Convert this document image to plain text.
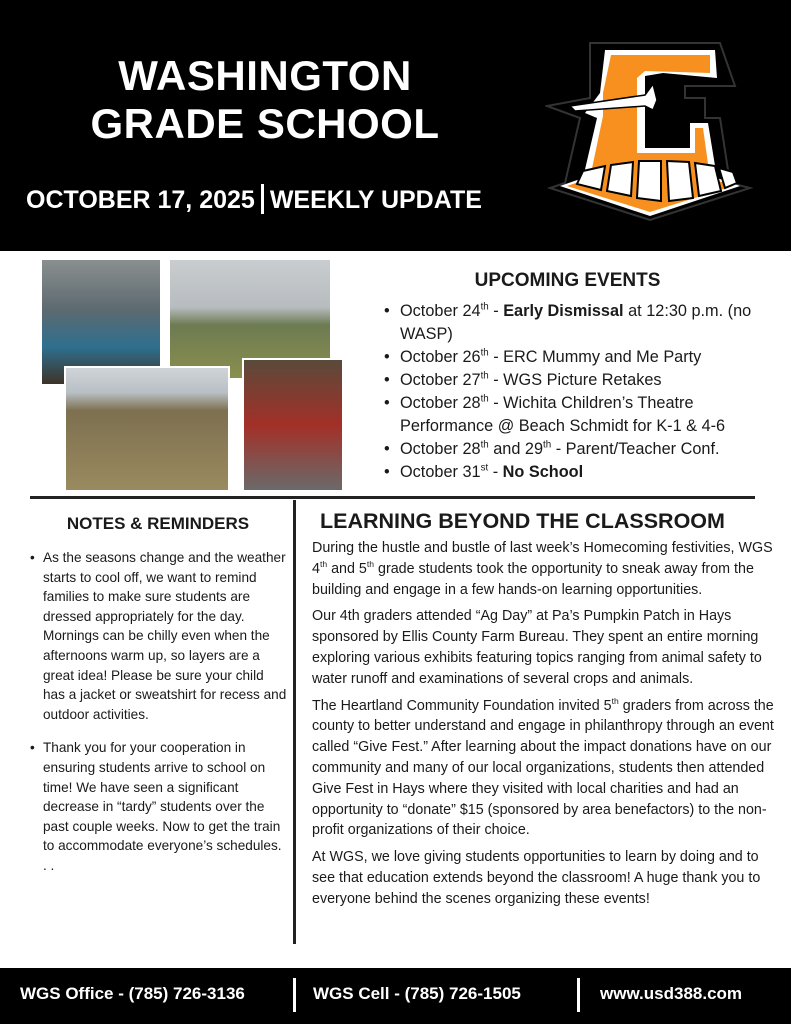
WASHINGTON
GRADE SCHOOL
OCTOBER 17, 2025 WEEKLY UPDATE
UPCOMING EVENTS
• October 24th - Early Dismissal at 12:30 p.m. (no WASP)
• October 26th - ERC Mummy and Me Party
• October 27th - WGS Picture Retakes
• October 28th - Wichita Children’s Theatre Performance @ Beach Schmidt for K-1 & 4-6
• October 28th and 29th - Parent/Teacher Conf.
• October 31st - No School
NOTES & REMINDERS
• As the seasons change and the weather starts to cool off, we want to remind families to make sure students are dressed appropriately for the day. Mornings can be chilly even when the afternoons warm up, so layers are a great idea! Please be sure your child has a jacket or sweatshirt for recess and outdoor activities.
• Thank you for your cooperation in ensuring students arrive to school on time! We have seen a significant decrease in “tardy” students over the past couple weeks. Now to get the train to accommodate everyone’s schedules. . .
LEARNING BEYOND THE CLASSROOM

During the hustle and bustle of last week’s Homecoming festivities, WGS 4th and 5th grade students took the opportunity to sneak away from the building and engage in a few hands-on learning opportunities.

Our 4th graders attended “Ag Day” at Pa’s Pumpkin Patch in Hays sponsored by Ellis County Farm Bureau. They spent an entire morning exploring various exhibits featuring topics ranging from animal safety to water runoff and examinations of several crops and animals.

The Heartland Community Foundation invited 5th graders from across the county to better understand and engage in philanthropy through an event called “Give Fest.” After learning about the impact donations have on our community and many of our local organizations, students then attended Give Fest in Hays where they visited with local charities and had an opportunity to “donate” $15 (sponsored by area benefactors) to the non-profit organizations of their choice.

At WGS, we love giving students opportunities to learn by doing and to see that education extends beyond the classroom! A huge thank you to everyone behind the scenes organizing these events!

WGS Office - (785) 726-3136	WGS Cell - (785) 726-1505	www.usd388.com
